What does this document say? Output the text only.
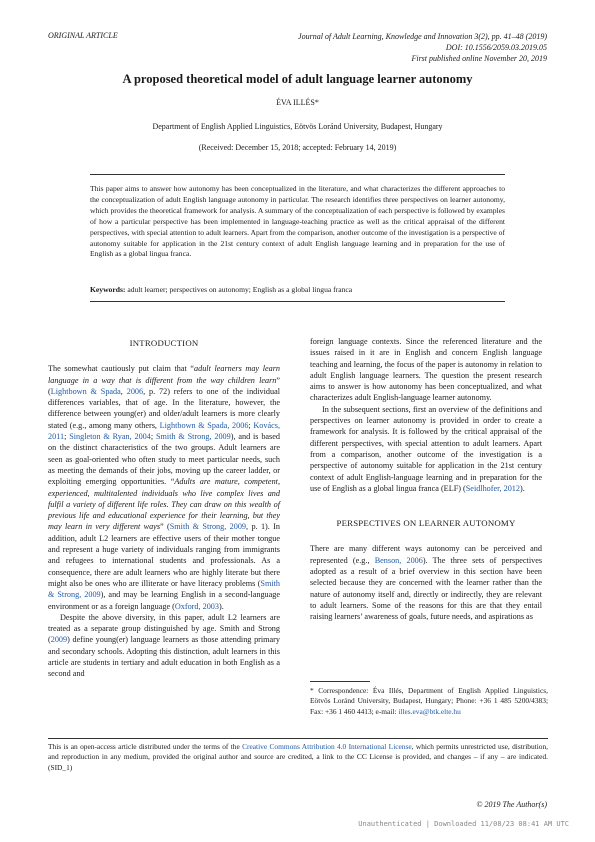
ORIGINAL ARTICLE	Journal of Adult Learning, Knowledge and Innovation 3(2), pp. 41–48 (2019)
DOI: 10.1556/2059.03.2019.05
First published online November 20, 2019
A proposed theoretical model of adult language learner autonomy
ÉVA ILLÉS*
Department of English Applied Linguistics, Eötvös Loránd University, Budapest, Hungary
(Received: December 15, 2018; accepted: February 14, 2019)
This paper aims to answer how autonomy has been conceptualized in the literature, and what characterizes the different approaches to the conceptualization of adult English language autonomy in particular. The research identifies three perspectives on learner autonomy, which provides the theoretical framework for analysis. A summary of the conceptualization of each perspective is followed by examples of how a particular perspective has been implemented in language-teaching practice as well as the critical appraisal of the different perspectives, with special attention to adult learners. Apart from the comparison, another outcome of the investigation is a perspective of autonomy suitable for application in the 21st century context of adult English language learning and in preparation for the use of English as a global lingua franca.
Keywords: adult learner; perspectives on autonomy; English as a global lingua franca
INTRODUCTION

The somewhat cautiously put claim that “adult learners may learn language in a way that is different from the way children learn” (Lightbown & Spada, 2006, p. 72) refers to one of the individual differences variables, that of age. In the literature, however, the difference between young(er) and older/adult learners is more clearly stated (e.g., among many others, Lightbown & Spada, 2006; Kovács, 2011; Singleton & Ryan, 2004; Smith & Strong, 2009), and is based on the distinct characteristics of the two groups. Adult learners are seen as goal-oriented who often study to meet particular needs, such as meeting the demands of their jobs, moving up the career ladder, or exploiting emerging opportunities. “Adults are mature, competent, experienced, multitalented individuals who live complex lives and fulfil a variety of different life roles. They can draw on this wealth of previous life and educational experience for their learning, but they may learn in very different ways” (Smith & Strong, 2009, p. 1). In addition, adult L2 learners are effective users of their mother tongue and represent a huge variety of individuals ranging from immigrants and refugees to international students and professionals. As a consequence, there are adult learners who are highly literate but there might also be ones who are illiterate or have literacy problems (Smith & Strong, 2009), and may be learning English in a second-language environment or as a foreign language (Oxford, 2003).

Despite the above diversity, in this paper, adult L2 learners are treated as a separate group distinguished by age. Smith and Strong (2009) define young(er) language learners as those attending primary and secondary schools. Adopting this distinction, adult learners in this article are students in tertiary and adult education in both English as a second and

foreign language contexts. Since the referenced literature and the issues raised in it are in English and concern English language teaching and learning, the focus of the paper is autonomy in relation to adult English language learners. The question the present research aims to answer is how autonomy has been conceptualized, and what characterizes adult English-language learner autonomy.

In the subsequent sections, first an overview of the definitions and perspectives on learner autonomy is provided in order to create a framework for analysis. It is followed by the critical appraisal of the different perspectives, with special attention to adult learners. Apart from a comparison, another outcome of the investigation is a perspective of autonomy suitable for application in the 21st century context of adult English-language learning and in preparation for the use of English as a global lingua franca (ELF) (Seidlhofer, 2012).

PERSPECTIVES ON LEARNER AUTONOMY

There are many different ways autonomy can be perceived and represented (e.g., Benson, 2006). The three sets of perspectives adopted as a result of a brief overview in this section have been selected because they are concerned with the learner rather than the nature of autonomy itself and, directly or indirectly, they are relevant to adult learners. Some of the reasons for this are that they entail raising learners’ awareness of goals, future needs, and aspirations as

* Correspondence: Éva Illés, Department of English Applied Linguistics, Eötvös Loránd University, Budapest, Hungary; Phone: +36 1 485 5200/4383; Fax: +36 1 460 4413; e-mail: illes.eva@btk.elte.hu
This is an open-access article distributed under the terms of the Creative Commons Attribution 4.0 International License, which permits unrestricted use, distribution, and reproduction in any medium, provided the original author and source are credited, a link to the CC License is provided, and changes – if any – are indicated. (SID_1)
© 2019 The Author(s)
Unauthenticated | Downloaded 11/08/23 08:41 AM UTC
